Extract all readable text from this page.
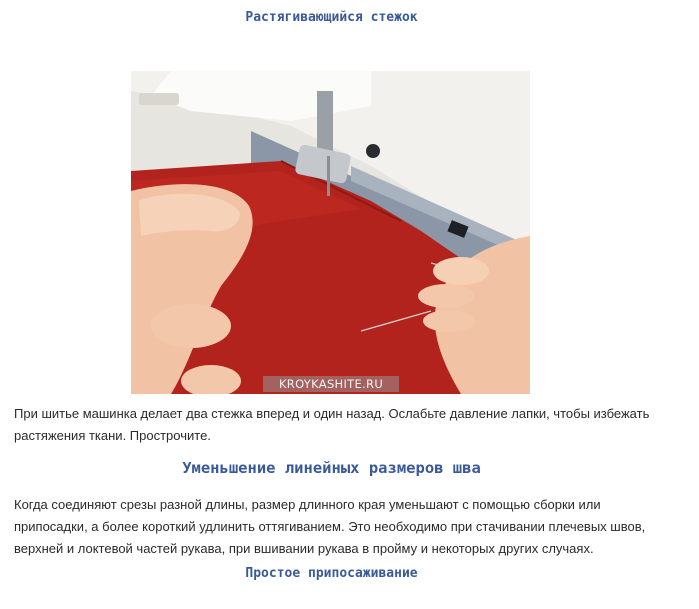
Растягивающийся стежок
KROYKASHITE.RU
При шитье машинка делает два стежка вперед и один назад. Ослабьте давление лапки, чтобы избежать
растяжения ткани. Прострочите.
Уменьшение линейных размеров шва
Когда соединяют срезы разной длины, размер длинного края уменьшают с помощью сборки или
припосадки, а более короткий удлинить оттягиванием. Это необходимо при стачивании плечевых швов,
верхней и локтевой частей рукава, при вшивании рукава в пройму и некоторых других случаях.
Простое припосаживание
